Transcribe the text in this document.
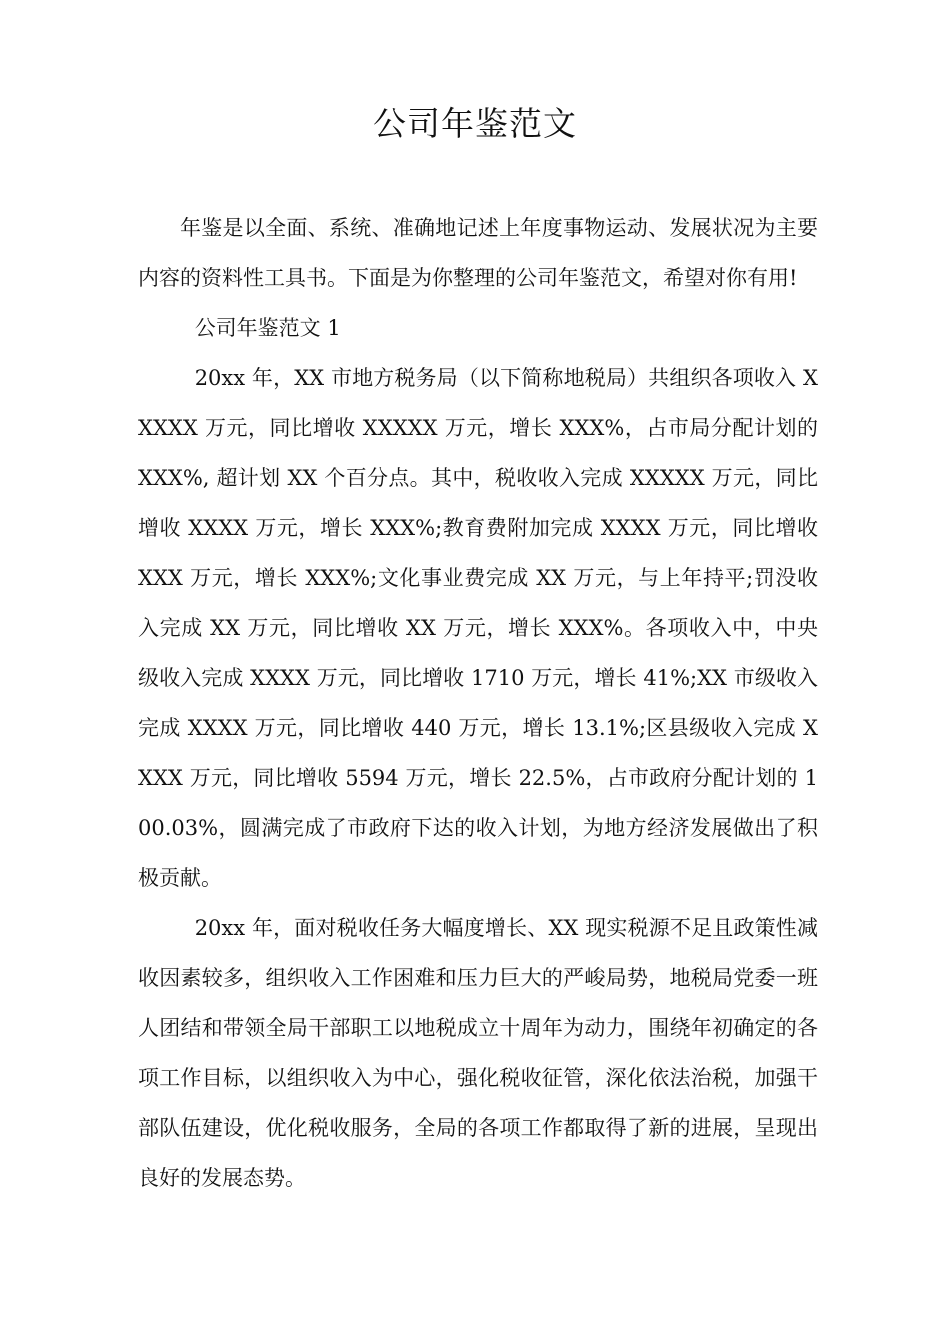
公司年鉴范文

年鉴是以全面、系统、准确地记述上年度事物运动、发展状况为主要内容的资料性工具书。下面是为你整理的公司年鉴范文，希望对你有用!

公司年鉴范文 1

20xx 年，XX 市地方税务局（以下简称地税局）共组织各项收入 XXXXX 万元，同比增收 XXXXX 万元，增长 XXX%，占市局分配计划的 XXX%, 超计划 XX 个百分点。其中，税收收入完成 XXXXX 万元，同比增收 XXXX 万元，增长 XXX%;教育费附加完成 XXXX 万元，同比增收 XXX 万元，增长 XXX%;文化事业费完成 XX 万元，与上年持平;罚没收入完成 XX 万元，同比增收 XX 万元，增长 XXX%。各项收入中，中央级收入完成 XXXX 万元，同比增收 1710 万元，增长 41%;XX 市级收入完成 XXXX 万元，同比增收 440 万元，增长 13.1%;区县级收入完成 XXXX 万元，同比增收 5594 万元，增长 22.5%，占市政府分配计划的 100.03%，圆满完成了市政府下达的收入计划，为地方经济发展做出了积极贡献。

20xx 年，面对税收任务大幅度增长、XX 现实税源不足且政策性减收因素较多，组织收入工作困难和压力巨大的严峻局势，地税局党委一班人团结和带领全局干部职工以地税成立十周年为动力，围绕年初确定的各项工作目标，以组织收入为中心，强化税收征管，深化依法治税，加强干部队伍建设，优化税收服务，全局的各项工作都取得了新的进展，呈现出良好的发展态势。
